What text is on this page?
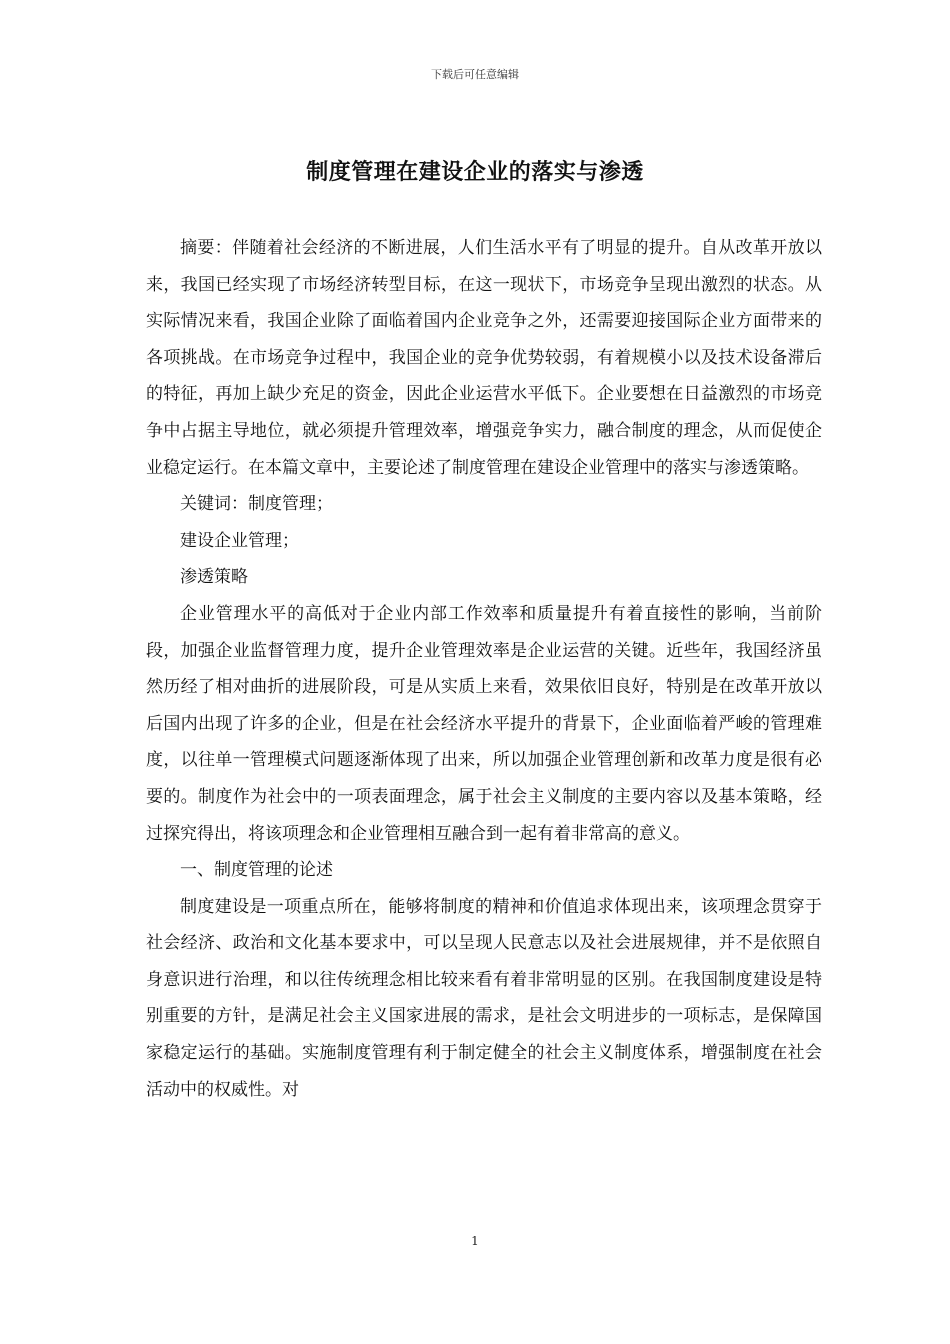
下载后可任意编辑
制度管理在建设企业的落实与渗透

摘要：伴随着社会经济的不断进展，人们生活水平有了明显的提升。自从改革开放以来，我国已经实现了市场经济转型目标，在这一现状下，市场竞争呈现出激烈的状态。从实际情况来看，我国企业除了面临着国内企业竞争之外，还需要迎接国际企业方面带来的各项挑战。在市场竞争过程中，我国企业的竞争优势较弱，有着规模小以及技术设备滞后的特征，再加上缺少充足的资金，因此企业运营水平低下。企业要想在日益激烈的市场竞争中占据主导地位，就必须提升管理效率，增强竞争实力，融合制度的理念，从而促使企业稳定运行。在本篇文章中，主要论述了制度管理在建设企业管理中的落实与渗透策略。

关键词：制度管理；

建设企业管理；

渗透策略

企业管理水平的高低对于企业内部工作效率和质量提升有着直接性的影响，当前阶段，加强企业监督管理力度，提升企业管理效率是企业运营的关键。近些年，我国经济虽然历经了相对曲折的进展阶段，可是从实质上来看，效果依旧良好，特别是在改革开放以后国内出现了许多的企业，但是在社会经济水平提升的背景下，企业面临着严峻的管理难度，以往单一管理模式问题逐渐体现了出来，所以加强企业管理创新和改革力度是很有必要的。制度作为社会中的一项表面理念，属于社会主义制度的主要内容以及基本策略，经过探究得出，将该项理念和企业管理相互融合到一起有着非常高的意义。

一、制度管理的论述

制度建设是一项重点所在，能够将制度的精神和价值追求体现出来，该项理念贯穿于社会经济、政治和文化基本要求中，可以呈现人民意志以及社会进展规律，并不是依照自身意识进行治理，和以往传统理念相比较来看有着非常明显的区别。在我国制度建设是特别重要的方针，是满足社会主义国家进展的需求，是社会文明进步的一项标志，是保障国家稳定运行的基础。实施制度管理有利于制定健全的社会主义制度体系，增强制度在社会活动中的权威性。对

1
